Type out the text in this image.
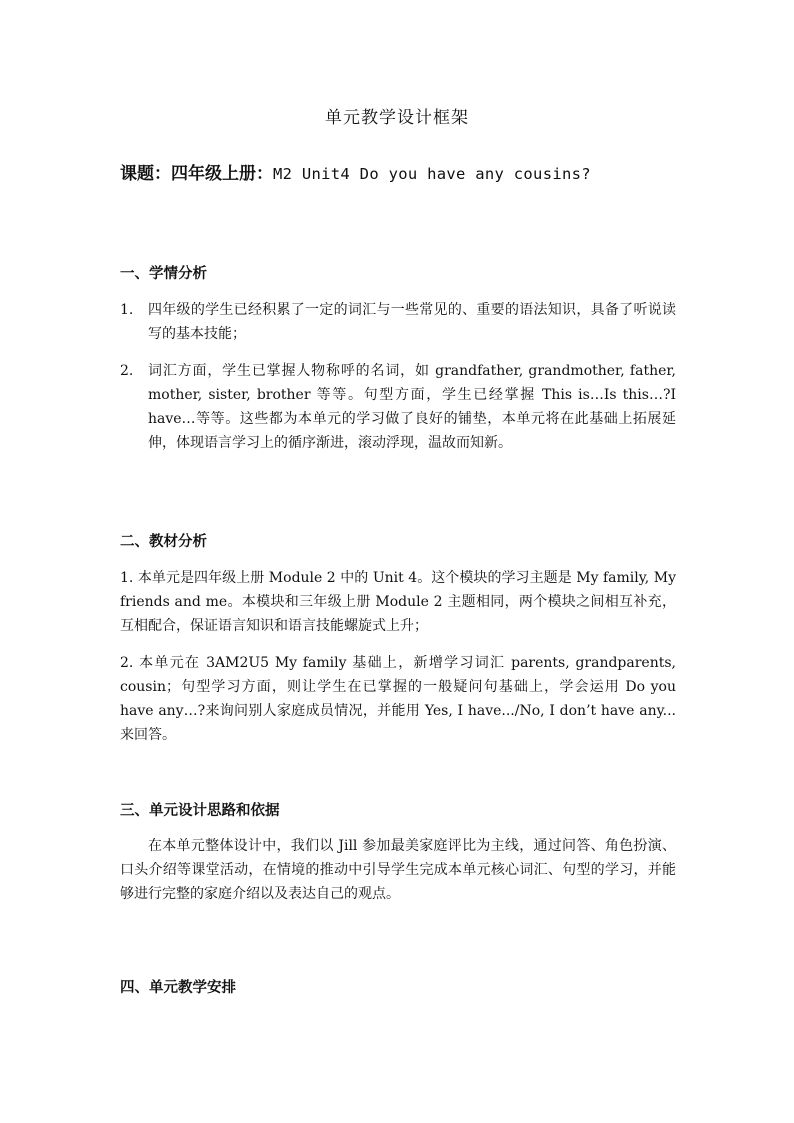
单元教学设计框架
课题：四年级上册：M2 Unit4 Do you have any cousins?
一、学情分析
1.	四年级的学生已经积累了一定的词汇与一些常见的、重要的语法知识，具备了听说读写的基本技能；
2.	词汇方面，学生已掌握人物称呼的名词，如 grandfather, grandmother, father, mother, sister, brother 等等。句型方面，学生已经掌握 This is…Is this…?I have…等等。这些都为本单元的学习做了良好的铺垫，本单元将在此基础上拓展延伸，体现语言学习上的循序渐进，滚动浮现，温故而知新。
二、教材分析
1. 本单元是四年级上册 Module 2 中的 Unit 4。这个模块的学习主题是 My family, My friends and me。本模块和三年级上册 Module 2 主题相同，两个模块之间相互补充，互相配合，保证语言知识和语言技能螺旋式上升；
2. 本单元在 3AM2U5 My family 基础上，新增学习词汇 parents, grandparents, cousin；句型学习方面，则让学生在已掌握的一般疑问句基础上，学会运用 Do you have any…?来询问别人家庭成员情况，并能用 Yes, I have.../No, I don’t have any...来回答。
三、单元设计思路和依据
在本单元整体设计中，我们以 Jill 参加最美家庭评比为主线，通过问答、角色扮演、口头介绍等课堂活动，在情境的推动中引导学生完成本单元核心词汇、句型的学习，并能够进行完整的家庭介绍以及表达自己的观点。
四、单元教学安排
